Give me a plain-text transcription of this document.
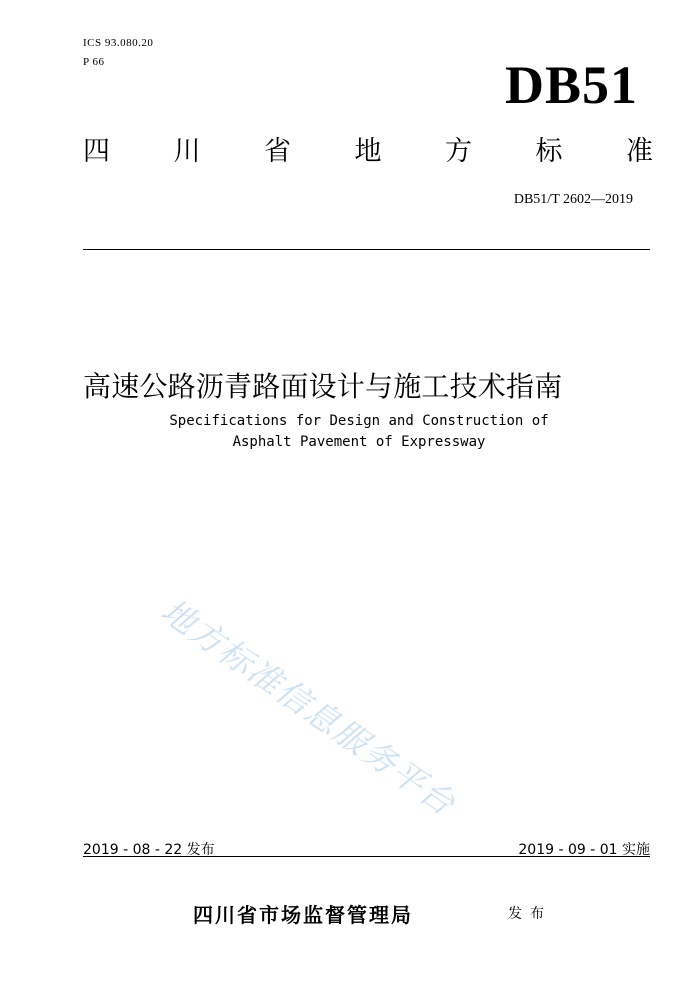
ICS 93.080.20
P 66	DB51
四 川 省 地 方 标 准
DB51/T 2602—2019
高速公路沥青路面设计与施工技术指南
Specifications for Design and Construction of
Asphalt Pavement of Expressway
地方标准信息服务平台
2019 - 08 - 22 发布	2019 - 09 - 01 实施
四川省市场监督管理局	发布
